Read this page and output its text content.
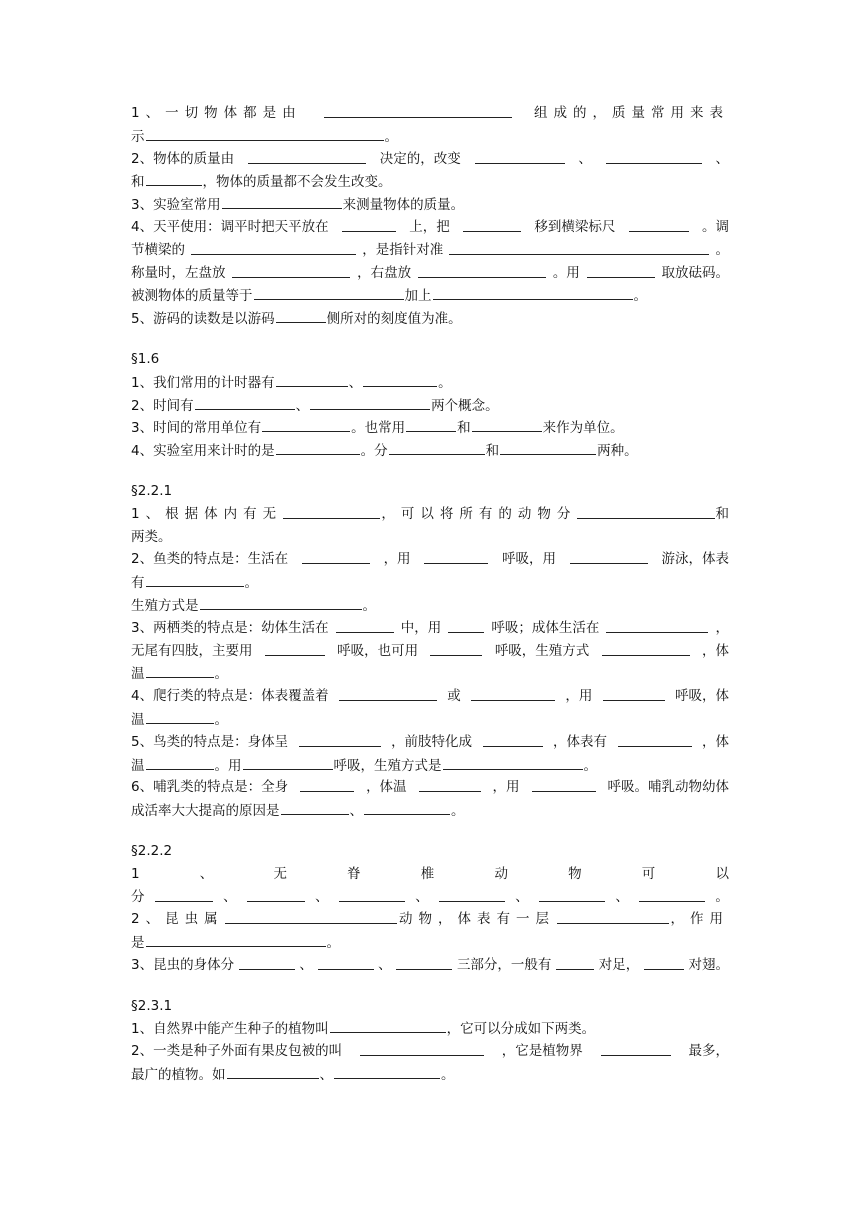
1、一切物体都是由	组成的，质量常用来表
示	。
2、物体的质量由	决定的，改变	、	、
和	，物体的质量都不会发生改变。
3、实验室常用	来测量物体的质量。
4、天平使用：调平时把天平放在	上，把	移到横梁标尺	。调
节横梁的	，是指针对准	。
称量时，左盘放	，右盘放	。用	取放砝码。
被测物体的质量等于	加上	。
5、游码的读数是以游码	侧所对的刻度值为准。
§1.6
1、我们常用的计时器有	、	。
2、时间有	、	两个概念。
3、时间的常用单位有	。也常用	和	来作为单位。
4、实验室用来计时的是	。分	和	两种。
§2.2.1
1、根据体内有无	，可以将所有的动物分	和
两类。
2、鱼类的特点是：生活在	，用	呼吸，用	游泳，体表
有	。
生殖方式是	。
3、两栖类的特点是：幼体生活在	中，用	呼吸；成体生活在	，
无尾有四肢，主要用	呼吸，也可用	呼吸，生殖方式	，体
温	。
4、爬行类的特点是：体表覆盖着	或	，用	呼吸，体
温	。
5、鸟类的特点是：身体呈	，前肢特化成	，体表有	，体
温	。用	呼吸，生殖方式是	。
6、哺乳类的特点是：全身	，体温	，用	呼吸。哺乳动物幼体
成活率大大提高的原因是	、	。
§2.2.2
1	、	无	脊	椎	动	物	可	以
分	、	、	、	、	、	。
2、昆虫属	动物，体表有一层	，作用
是	。
3、昆虫的身体分	、	、	三部分，一般有	对足，	对翅。
§2.3.1
1、自然界中能产生种子的植物叫	，它可以分成如下两类。
2、一类是种子外面有果皮包被的叫	，它是植物界	最多，
最广的植物。如	、	。
